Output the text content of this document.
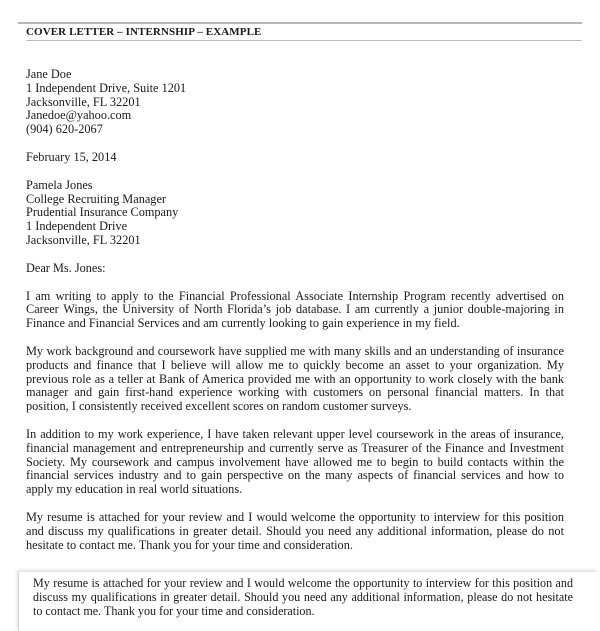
COVER LETTER – INTERNSHIP – EXAMPLE
Jane Doe
1 Independent Drive, Suite 1201
Jacksonville, FL 32201
Janedoe@yahoo.com
(904) 620-2067
February 15, 2014
Pamela Jones
College Recruiting Manager
Prudential Insurance Company
1 Independent Drive
Jacksonville, FL 32201
Dear Ms. Jones:
I am writing to apply to the Financial Professional Associate Internship Program recently advertised on Career Wings, the University of North Florida’s job database. I am currently a junior double-majoring in Finance and Financial Services and am currently looking to gain experience in my field.
My work background and coursework have supplied me with many skills and an understanding of insurance products and finance that I believe will allow me to quickly become an asset to your organization. My previous role as a teller at Bank of America provided me with an opportunity to work closely with the bank manager and gain first-hand experience working with customers on personal financial matters. In that position, I consistently received excellent scores on random customer surveys.
In addition to my work experience, I have taken relevant upper level coursework in the areas of insurance, financial management and entrepreneurship and currently serve as Treasurer of the Finance and Investment Society. My coursework and campus involvement have allowed me to begin to build contacts within the financial services industry and to gain perspective on the many aspects of financial services and how to apply my education in real world situations.
My resume is attached for your review and I would welcome the opportunity to interview for this position and discuss my qualifications in greater detail. Should you need any additional information, please do not hesitate to contact me. Thank you for your time and consideration.
My resume is attached for your review and I would welcome the opportunity to interview for this position and discuss my qualifications in greater detail. Should you need any additional information, please do not hesitate to contact me. Thank you for your time and consideration.
